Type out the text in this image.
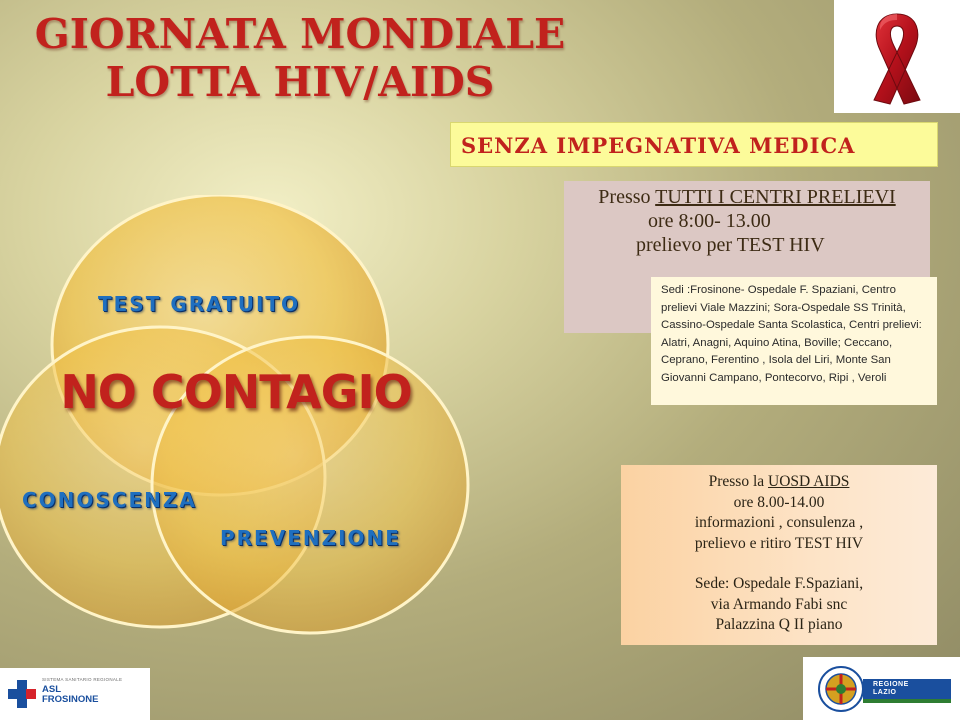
GIORNATA MONDIALE
LOTTA HIV/AIDS
SENZA IMPEGNATIVA MEDICA
Presso TUTTI I CENTRI PRELIEVI
ore 8:00- 13.00
prelievo per TEST HIV
Sedi :Frosinone- Ospedale F. Spaziani, Centro prelievi Viale Mazzini; Sora-Ospedale SS Trinità, Cassino-Ospedale Santa Scolastica, Centri prelievi: Alatri, Anagni, Aquino Atina, Boville; Ceccano, Ceprano, Ferentino , Isola del Liri, Monte San Giovanni Campano, Pontecorvo, Ripi , Veroli
Presso la UOSD AIDS
ore 8.00-14.00
informazioni , consulenza ,
prelievo e ritiro TEST HIV
Sede: Ospedale F.Spaziani,
via Armando Fabi snc
Palazzina Q II piano
TEST GRATUITO
NO CONTAGIO
CONOSCENZA
PREVENZIONE
SISTEMA SANITARIO REGIONALE
ASL
FROSINONE
REGIONE
LAZIO
